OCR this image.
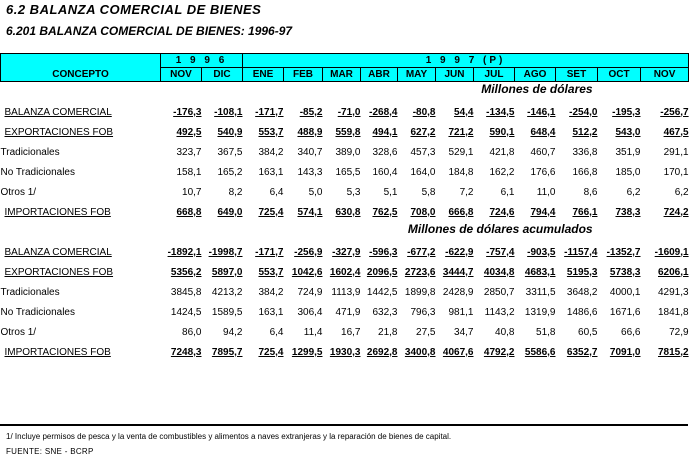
6.2 BALANZA COMERCIAL DE BIENES
6.201 BALANZA COMERCIAL DE BIENES: 1996-97
CONCEPTO	1 9 9 6		1 9 9 7 (P)										
	NOV	DIC	ENE	FEB	MAR	ABR	MAY	JUN	JUL	AGO	SET	OCT	NOV
Millones de dólares													

BALANZA COMERCIAL	-176,3	-108,1	-171,7	-85,2	-71,0	-268,4	-80,8	54,4	-134,5	-146,1	-254,0	-195,3	-256,7
EXPORTACIONES FOB	492,5	540,9	553,7	488,9	559,8	494,1	627,2	721,2	590,1	648,4	512,2	543,0	467,5
Tradicionales	323,7	367,5	384,2	340,7	389,0	328,6	457,3	529,1	421,8	460,7	336,8	351,9	291,1
No Tradicionales	158,1	165,2	163,1	143,3	165,5	160,4	164,0	184,8	162,2	176,6	166,8	185,0	170,1
Otros 1/	10,7	8,2	6,4	5,0	5,3	5,1	5,8	7,2	6,1	11,0	8,6	6,2	6,2
IMPORTACIONES FOB	668,8	649,0	725,4	574,1	630,8	762,5	708,0	666,8	724,6	794,4	766,1	738,3	724,2
Millones de dólares acumulados													

BALANZA COMERCIAL	-1892,1	-1998,7	-171,7	-256,9	-327,9	-596,3	-677,2	-622,9	-757,4	-903,5	-1157,4	-1352,7	-1609,1
EXPORTACIONES FOB	5356,2	5897,0	553,7	1042,6	1602,4	2096,5	2723,6	3444,7	4034,8	4683,1	5195,3	5738,3	6206,1
Tradicionales	3845,8	4213,2	384,2	724,9	1113,9	1442,5	1899,8	2428,9	2850,7	3311,5	3648,2	4000,1	4291,3
No Tradicionales	1424,5	1589,5	163,1	306,4	471,9	632,3	796,3	981,1	1143,2	1319,9	1486,6	1671,6	1841,8
Otros 1/	86,0	94,2	6,4	11,4	16,7	21,8	27,5	34,7	40,8	51,8	60,5	66,6	72,9
IMPORTACIONES FOB	7248,3	7895,7	725,4	1299,5	1930,3	2692,8	3400,8	4067,6	4792,2	5586,6	6352,7	7091,0	7815,2
1/ Incluye permisos de pesca y la venta de combustibles y alimentos a naves extranjeras y la reparación de bienes de capital.
FUENTE: SNE - BCRP
